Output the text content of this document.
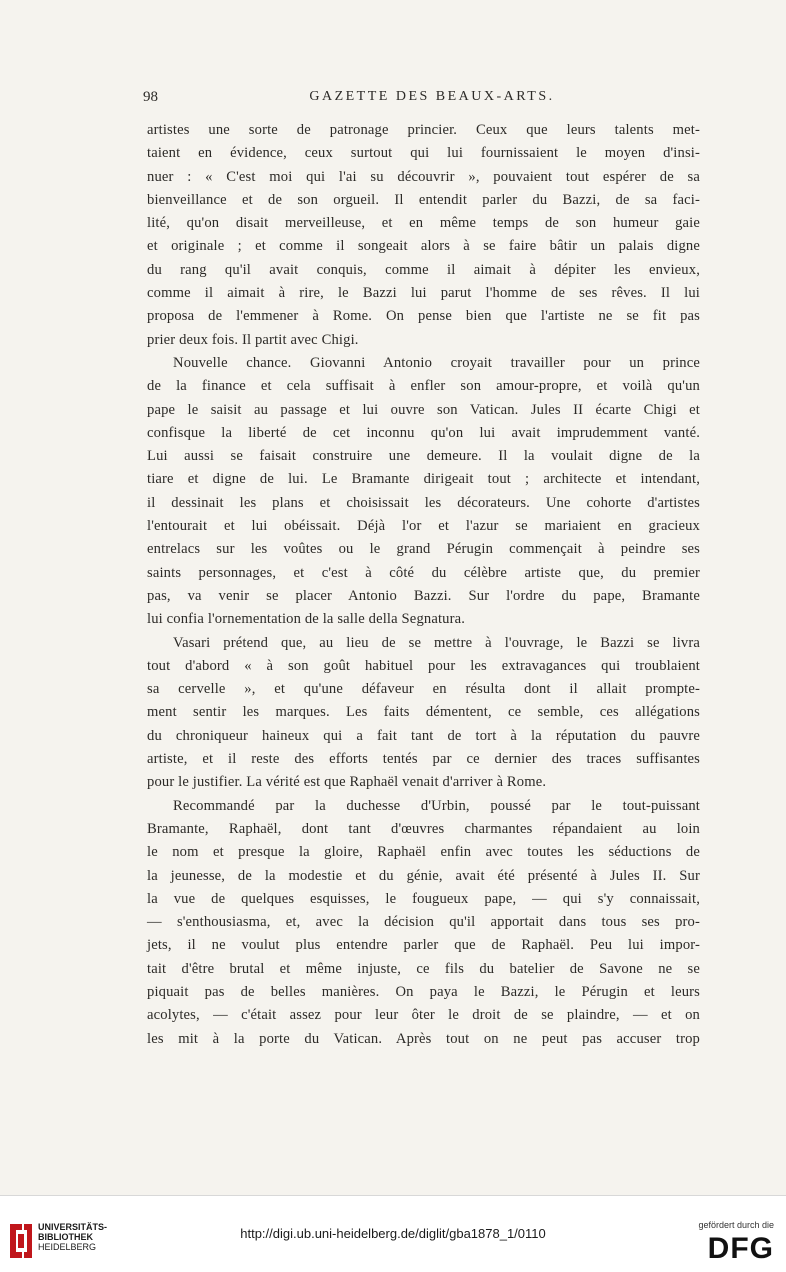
98	GAZETTE DES BEAUX-ARTS.
artistes une sorte de patronage princier. Ceux que leurs talents met-
taient en évidence, ceux surtout qui lui fournissaient le moyen d'insi-
nuer : « C'est moi qui l'ai su découvrir », pouvaient tout espérer de sa
bienveillance et de son orgueil. Il entendit parler du Bazzi, de sa faci-
lité, qu'on disait merveilleuse, et en même temps de son humeur gaie
et originale ; et comme il songeait alors à se faire bâtir un palais digne
du rang qu'il avait conquis, comme il aimait à dépiter les envieux,
comme il aimait à rire, le Bazzi lui parut l'homme de ses rêves. Il lui
proposa de l'emmener à Rome. On pense bien que l'artiste ne se fit pas
prier deux fois. Il partit avec Chigi.
Nouvelle chance. Giovanni Antonio croyait travailler pour un prince
de la finance et cela suffisait à enfler son amour-propre, et voilà qu'un
pape le saisit au passage et lui ouvre son Vatican. Jules II écarte Chigi et
confisque la liberté de cet inconnu qu'on lui avait imprudemment vanté.
Lui aussi se faisait construire une demeure. Il la voulait digne de la
tiare et digne de lui. Le Bramante dirigeait tout ; architecte et intendant,
il dessinait les plans et choisissait les décorateurs. Une cohorte d'artistes
l'entourait et lui obéissait. Déjà l'or et l'azur se mariaient en gracieux
entrelacs sur les voûtes ou le grand Pérugin commençait à peindre ses
saints personnages, et c'est à côté du célèbre artiste que, du premier
pas, va venir se placer Antonio Bazzi. Sur l'ordre du pape, Bramante
lui confia l'ornementation de la salle della Segnatura.
Vasari prétend que, au lieu de se mettre à l'ouvrage, le Bazzi se livra
tout d'abord « à son goût habituel pour les extravagances qui troublaient
sa cervelle », et qu'une défaveur en résulta dont il allait prompte-
ment sentir les marques. Les faits démentent, ce semble, ces allégations
du chroniqueur haineux qui a fait tant de tort à la réputation du pauvre
artiste, et il reste des efforts tentés par ce dernier des traces suffisantes
pour le justifier. La vérité est que Raphaël venait d'arriver à Rome.
Recommandé par la duchesse d'Urbin, poussé par le tout-puissant
Bramante, Raphaël, dont tant d'œuvres charmantes répandaient au loin
le nom et presque la gloire, Raphaël enfin avec toutes les séductions de
la jeunesse, de la modestie et du génie, avait été présenté à Jules II. Sur
la vue de quelques esquisses, le fougueux pape, — qui s'y connaissait,
— s'enthousiasma, et, avec la décision qu'il apportait dans tous ses pro-
jets, il ne voulut plus entendre parler que de Raphaël. Peu lui impor-
tait d'être brutal et même injuste, ce fils du batelier de Savone ne se
piquait pas de belles manières. On paya le Bazzi, le Pérugin et leurs
acolytes, — c'était assez pour leur ôter le droit de se plaindre, — et on
les mit à la porte du Vatican. Après tout on ne peut pas accuser trop
UNIVERSITÄTS-
BIBLIOTHEK
HEIDELBERG
http://digi.ub.uni-heidelberg.de/diglit/gba1878_1/0110
gefördert durch die
DFG
